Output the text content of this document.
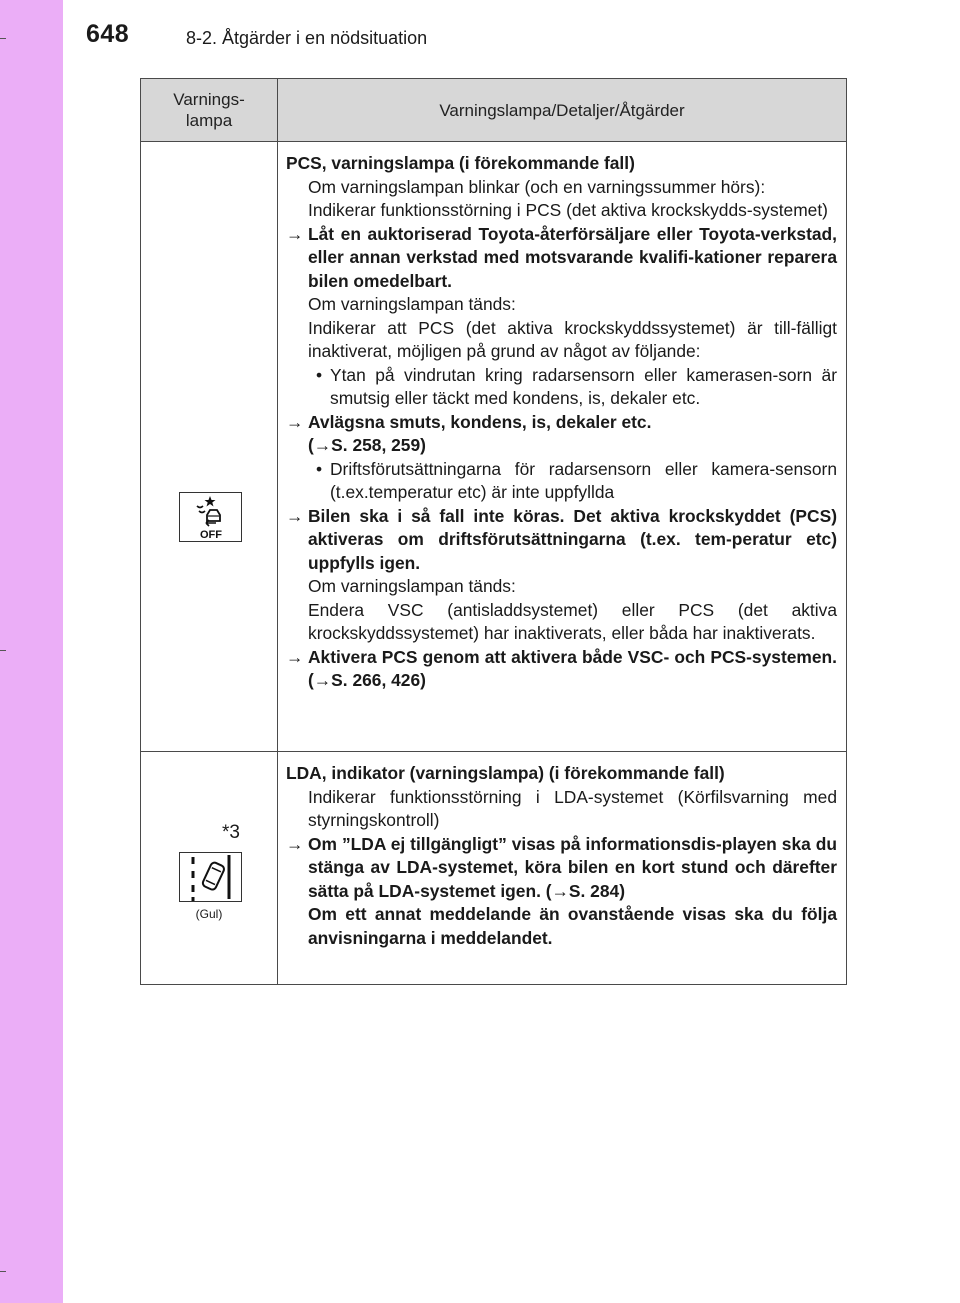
648	8-2. Åtgärder i en nödsituation
Varnings-
lampa
Varningslampa/Detaljer/Åtgärder
OFF
PCS, varningslampa (i förekommande fall)
Om varningslampan blinkar (och en varningssummer hörs):
Indikerar funktionsstörning i PCS (det aktiva krockskydds-systemet)
→ Låt en auktoriserad Toyota-återförsäljare eller Toyota-verkstad, eller annan verkstad med motsvarande kvalifi-kationer reparera bilen omedelbart.
Om varningslampan tänds:
Indikerar att PCS (det aktiva krockskyddssystemet) är till-fälligt inaktiverat, möjligen på grund av något av följande:
• Ytan på vindrutan kring radarsensorn eller kamerasen-sorn är smutsig eller täckt med kondens, is, dekaler etc.
→ Avlägsna smuts, kondens, is, dekaler etc.
(→S. 258, 259)
• Driftsförutsättningarna för radarsensorn eller kamera-sensorn (t.ex.temperatur etc) är inte uppfyllda
→ Bilen ska i så fall inte köras. Det aktiva krockskyddet (PCS) aktiveras om driftsförutsättningarna (t.ex. tem-peratur etc) uppfylls igen.
Om varningslampan tänds:
Endera VSC (antisladdsystemet) eller PCS (det aktiva krockskyddssystemet) har inaktiverats, eller båda har inaktiverats.
→ Aktivera PCS genom att aktivera både VSC- och PCS-systemen. (→S. 266, 426)
*3
(Gul)
LDA, indikator (varningslampa) (i förekommande fall)
Indikerar funktionsstörning i LDA-systemet (Körfilsvarning med styrningskontroll)
→ Om ”LDA ej tillgängligt” visas på informationsdis-playen ska du stänga av LDA-systemet, köra bilen en kort stund och därefter sätta på LDA-systemet igen. (→S. 284)
Om ett annat meddelande än ovanstående visas ska du följa anvisningarna i meddelandet.
